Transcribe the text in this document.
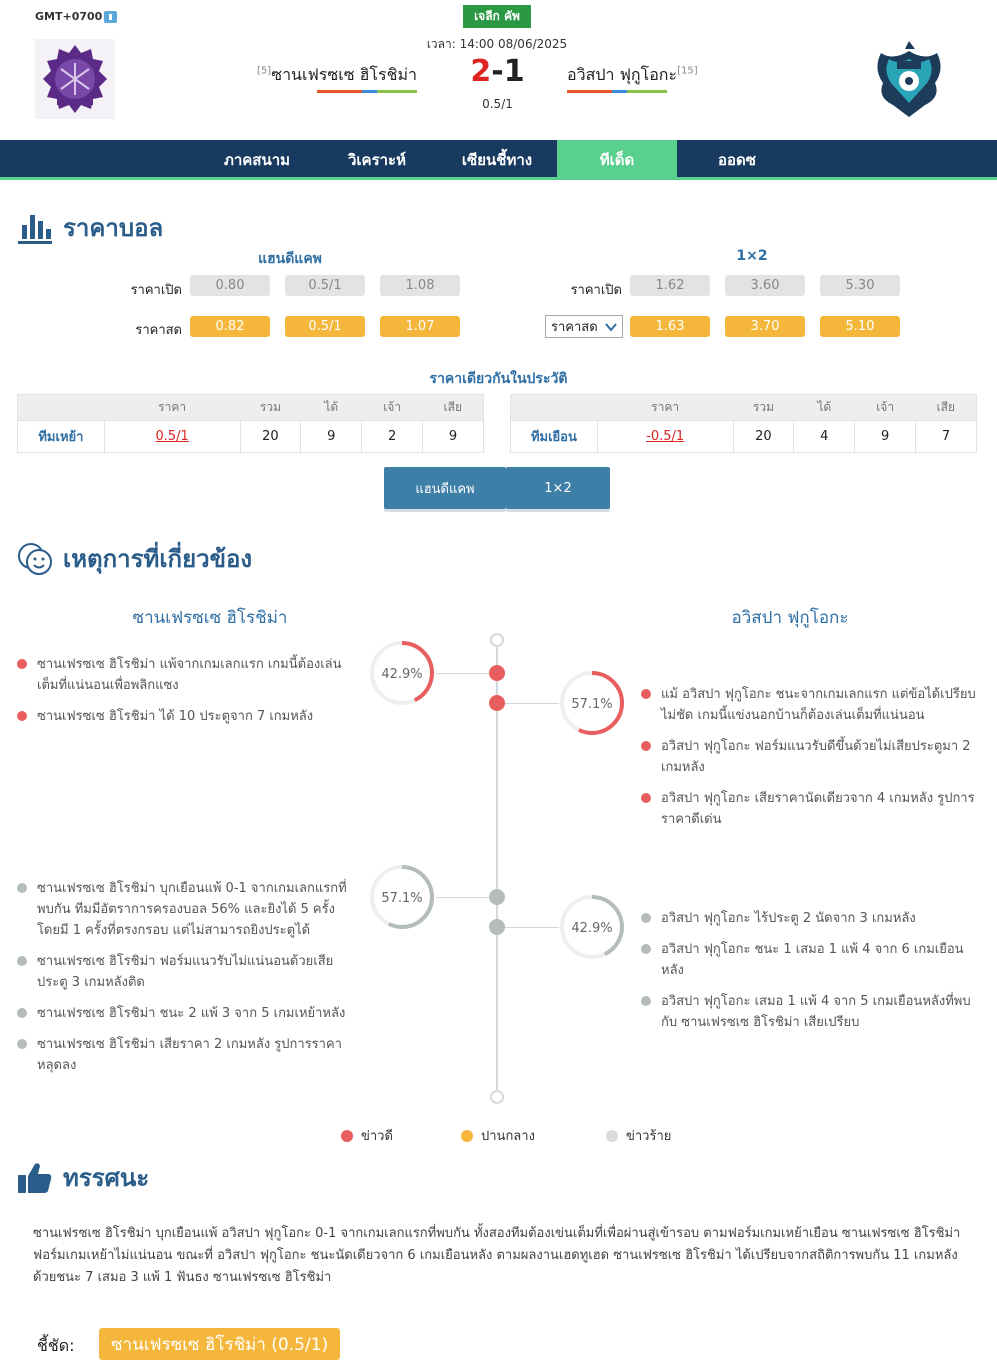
GMT+0700	เจลีก คัพ
เวลา: 14:00 08/06/2025
[5]ซานเฟรซเซ ฮิโรชิม่า	อวิสปา ฟุกูโอกะ[15]
2-1
0.5/1
ภาคสนาม	วิเคราะห์	เซียนชี้ทาง	ทีเด็ด	ออดซ
ราคาบอล
แฮนดีแคพ	1×2
ราคาเปิด	0.80	0.5/1	1.08
ราคาสด	0.82	0.5/1	1.07
ราคาเปิด	1.62	3.60	5.30
ราคาสด	1.63	3.70	5.10
ราคาเดียวกันในประวัติ
	ราคา	รวม	ได้	เจ้า	เสีย
ทีมเหย้า	0.5/1	20	9	2	9
	ราคา	รวม	ได้	เจ้า	เสีย
ทีมเยือน	-0.5/1	20	4	9	7
แฮนดีแคพ	1×2
เหตุการที่เกี่ยวข้อง
ซานเฟรซเซ ฮิโรชิม่า	อวิสปา ฟุกูโอกะ
42.9%
57.1%
57.1%
42.9%
ซานเฟรซเซ ฮิโรชิม่า แพ้จากเกมเลกแรก เกมนี้ต้องเล่นเต็มที่แน่นอนเพื่อพลิกแซง
ซานเฟรซเซ ฮิโรชิม่า ได้ 10 ประตูจาก 7 เกมหลัง
แม้ อวิสปา ฟุกูโอกะ ชนะจากเกมเลกแรก แต่ข้อได้เปรียบไม่ชัด เกมนี้แข่งนอกบ้านก็ต้องเล่นเต็มที่แน่นอน
อวิสปา ฟุกูโอกะ ฟอร์มแนวรับดีขึ้นด้วยไม่เสียประตูมา 2 เกมหลัง
อวิสปา ฟุกูโอกะ เสียราคานัดเดียวจาก 4 เกมหลัง รูปการราคาดีเด่น
ซานเฟรซเซ ฮิโรชิม่า บุกเยือนแพ้ 0-1 จากเกมเลกแรกที่พบกัน ทีมมีอัตราการครองบอล 56% และยิงได้ 5 ครั้ง โดยมี 1 ครั้งที่ตรงกรอบ แต่ไม่สามารถยิงประตูได้
ซานเฟรซเซ ฮิโรชิม่า ฟอร์มแนวรับไม่แน่นอนด้วยเสียประตู 3 เกมหลังติด
ซานเฟรซเซ ฮิโรชิม่า ชนะ 2 แพ้ 3 จาก 5 เกมเหย้าหลัง
ซานเฟรซเซ ฮิโรชิม่า เสียราคา 2 เกมหลัง รูปการราคาหลุดลง
อวิสปา ฟุกูโอกะ ไร้ประตู 2 นัดจาก 3 เกมหลัง
อวิสปา ฟุกูโอกะ ชนะ 1 เสมอ 1 แพ้ 4 จาก 6 เกมเยือนหลัง
อวิสปา ฟุกูโอกะ เสมอ 1 แพ้ 4 จาก 5 เกมเยือนหลังที่พบกับ ซานเฟรซเซ ฮิโรชิม่า เสียเปรียบ
ข่าวดี	ปานกลาง	ข่าวร้าย
ทรรศนะ
ซานเฟรซเซ ฮิโรชิม่า บุกเยือนแพ้ อวิสปา ฟุกูโอกะ 0-1 จากเกมเลกแรกที่พบกัน ทั้งสองทีมต้องเข่นเต็มที่เพื่อผ่านสู่เข้ารอบ ตามฟอร์มเกมเหย้าเยือน ซานเฟรซเซ ฮิโรชิม่า ฟอร์มเกมเหย้าไม่แน่นอน ขณะที่ อวิสปา ฟุกูโอกะ ชนะนัดเดียวจาก 6 เกมเยือนหลัง ตามผลงานเฮดทูเฮด ซานเฟรซเซ ฮิโรชิม่า ได้เปรียบจากสถิติการพบกัน 11 เกมหลังด้วยชนะ 7 เสมอ 3 แพ้ 1 ฟันธง ซานเฟรซเซ ฮิโรชิม่า
ชี้ชัด:	ซานเฟรซเซ ฮิโรชิม่า (0.5/1)
